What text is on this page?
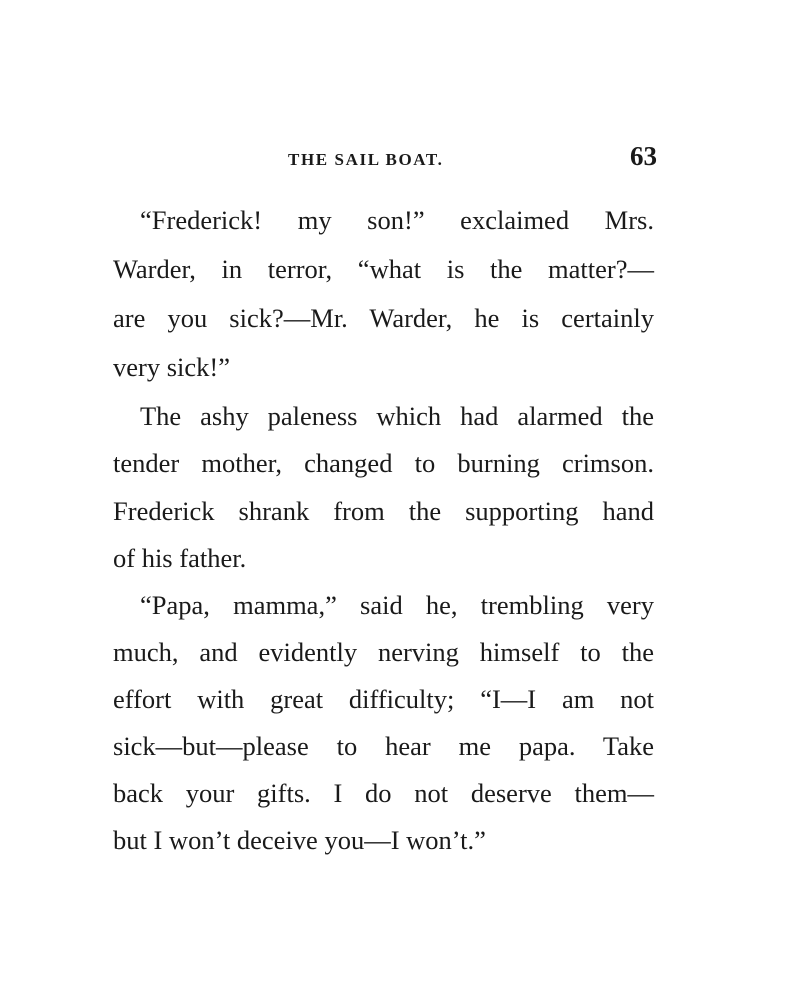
THE SAIL BOAT.	63
“Frederick! my son!” exclaimed Mrs.
Warder, in terror, “what is the matter?—
are you sick?—Mr. Warder, he is certainly
very sick!”
The ashy paleness which had alarmed the
tender mother, changed to burning crimson.
Frederick shrank from the supporting hand
of his father.
“Papa, mamma,” said he, trembling very
much, and evidently nerving himself to the
effort with great difficulty; “I—I am not
sick—but—please to hear me papa. Take
back your gifts. I do not deserve them—
but I won’t deceive you—I won’t.”
